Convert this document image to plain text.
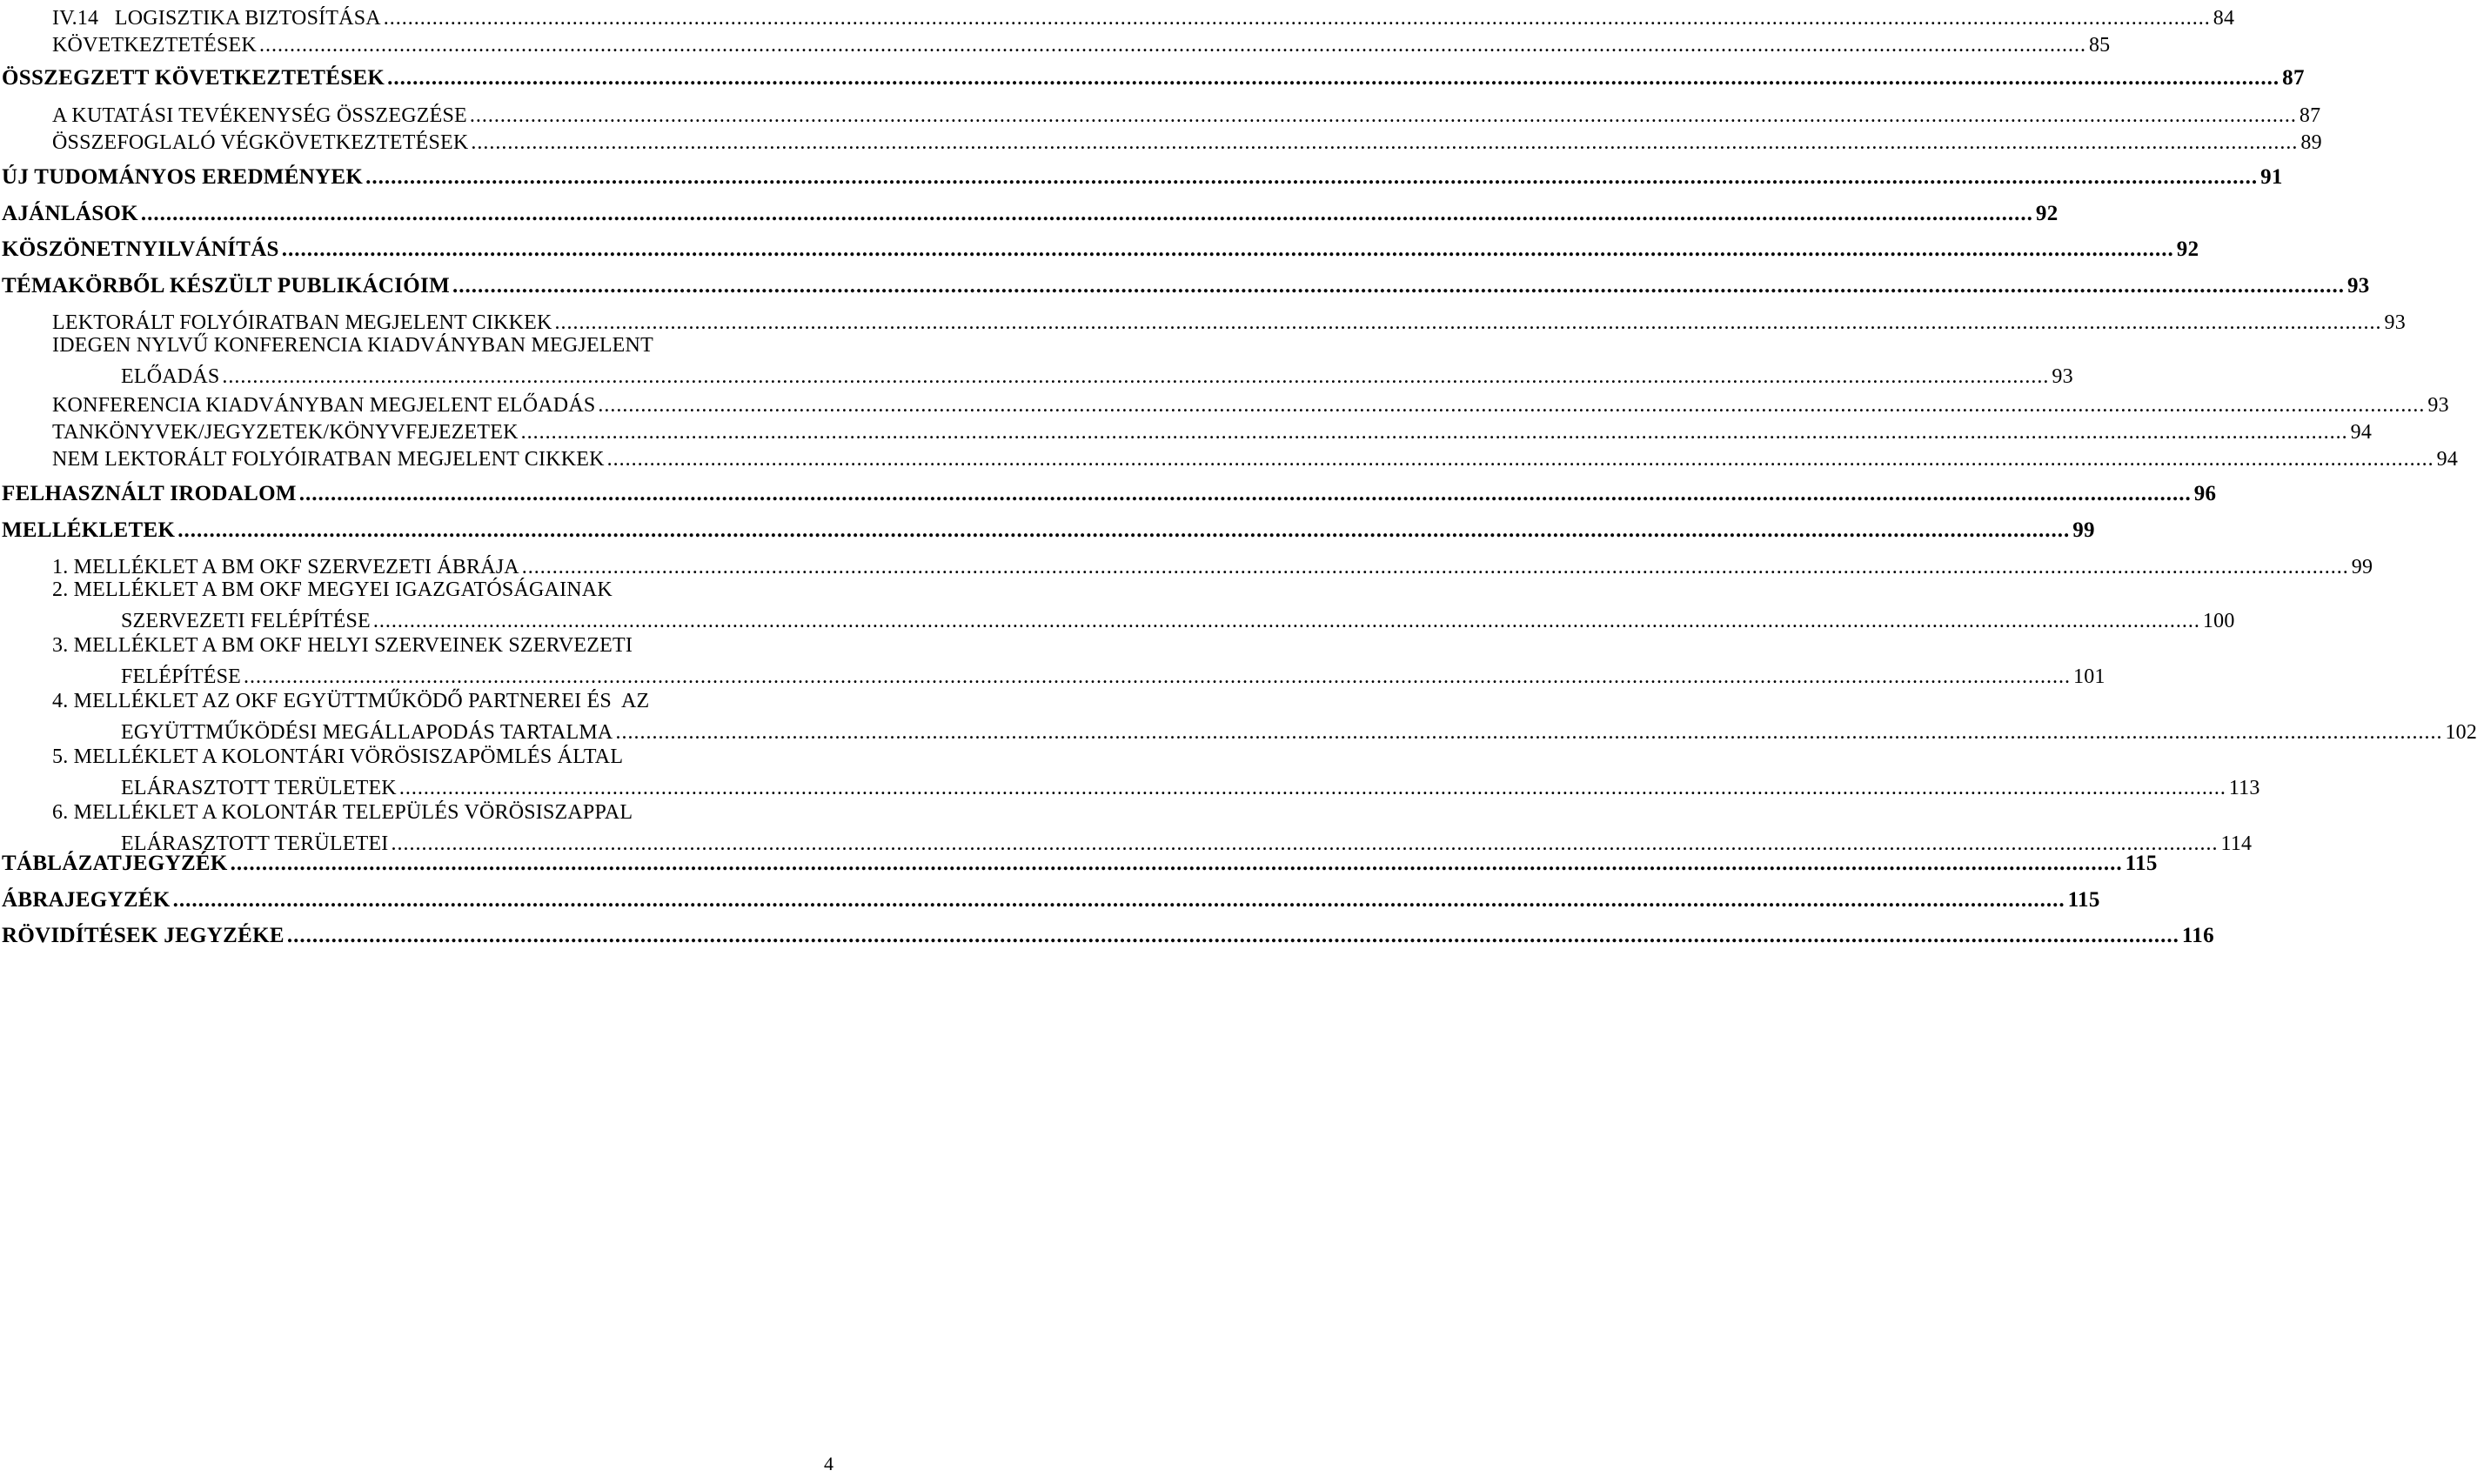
IV.14   LOGISZTIKA BIZTOSÍTÁSA ............................................................................................................................................................................................................................................................................................................ 84
KÖVETKEZTETÉSEK ............................................................................................................................................................................................................................................................................................................ 85
ÖSSZEGZETT KÖVETKEZTETÉSEK ............................................................................................................................................................................................................................................................................................................ 87
A KUTATÁSI TEVÉKENYSÉG ÖSSZEGZÉSE ............................................................................................................................................................................................................................................................................................................ 87
ÖSSZEFOGLALÓ VÉGKÖVETKEZTETÉSEK ............................................................................................................................................................................................................................................................................................................ 89
ÚJ TUDOMÁNYOS EREDMÉNYEK ............................................................................................................................................................................................................................................................................................................ 91
AJÁNLÁSOK ............................................................................................................................................................................................................................................................................................................ 92
KÖSZÖNETNYILVÁNÍTÁS ............................................................................................................................................................................................................................................................................................................ 92
TÉMAKÖRBŐL KÉSZÜLT PUBLIKÁCIÓIM ............................................................................................................................................................................................................................................................................................................ 93
LEKTORÁLT FOLYÓIRATBAN MEGJELENT CIKKEK ............................................................................................................................................................................................................................................................................................................ 93
IDEGEN NYLVŰ KONFERENCIA KIADVÁNYBAN MEGJELENT
ELŐADÁS ............................................................................................................................................................................................................................................................................................................ 93
KONFERENCIA KIADVÁNYBAN MEGJELENT ELŐADÁS ............................................................................................................................................................................................................................................................................................................ 93
TANKÖNYVEK/JEGYZETEK/KÖNYVFEJEZETEK ............................................................................................................................................................................................................................................................................................................ 94
NEM LEKTORÁLT FOLYÓIRATBAN MEGJELENT CIKKEK ............................................................................................................................................................................................................................................................................................................ 94
FELHASZNÁLT IRODALOM ............................................................................................................................................................................................................................................................................................................ 96
MELLÉKLETEK ............................................................................................................................................................................................................................................................................................................ 99
1. MELLÉKLET A BM OKF SZERVEZETI ÁBRÁJA ............................................................................................................................................................................................................................................................................................................ 99
2. MELLÉKLET A BM OKF MEGYEI IGAZGATÓSÁGAINAK
SZERVEZETI FELÉPÍTÉSE ............................................................................................................................................................................................................................................................................................................ 100
3. MELLÉKLET A BM OKF HELYI SZERVEINEK SZERVEZETI
FELÉPÍTÉSE ............................................................................................................................................................................................................................................................................................................ 101
4. MELLÉKLET AZ OKF EGYÜTTMŰKÖDŐ PARTNEREI ÉS  AZ
EGYÜTTMŰKÖDÉSI MEGÁLLAPODÁS TARTALMA ............................................................................................................................................................................................................................................................................................................ 102
5. MELLÉKLET A KOLONTÁRI VÖRÖSISZAPÖMLÉS ÁLTAL
ELÁRASZTOTT TERÜLETEK ............................................................................................................................................................................................................................................................................................................ 113
6. MELLÉKLET A KOLONTÁR TELEPÜLÉS VÖRÖSISZAPPAL
ELÁRASZTOTT TERÜLETEI ............................................................................................................................................................................................................................................................................................................ 114
TÁBLÁZATJEGYZÉK ............................................................................................................................................................................................................................................................................................................ 115
ÁBRAJEGYZÉK ............................................................................................................................................................................................................................................................................................................ 115
RÖVIDÍTÉSEK JEGYZÉKE ............................................................................................................................................................................................................................................................................................................ 116
4
